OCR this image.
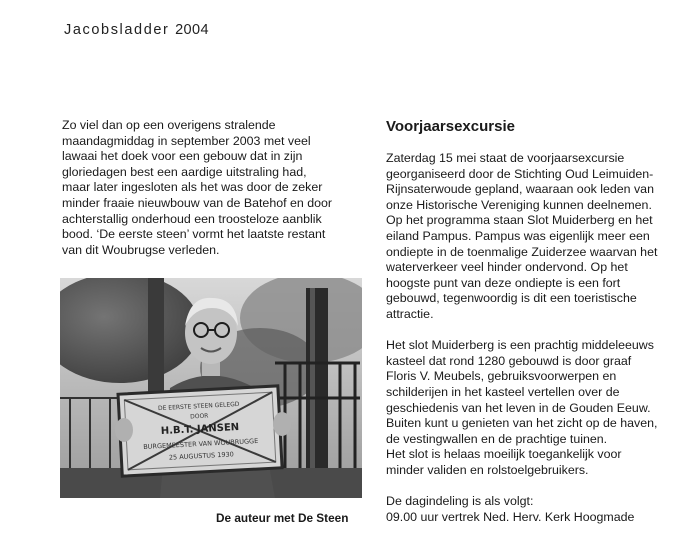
Jacobsladder 2004
Zo viel dan op een overigens stralende
maandagmiddag in september 2003 met veel
lawaai het doek voor een gebouw dat in zijn
gloriedagen best een aardige uitstraling had,
maar later ingesloten als het was door de zeker
minder fraaie nieuwbouw van de Batehof en door
achterstallig onderhoud een troosteloze aanblik
bood. ‘De eerste steen’ vormt het laatste restant
van dit Woubrugse verleden.
DE EERSTE STEEN GELEGD
DOOR
H.B.T. JANSEN
BURGEMEESTER VAN WOUBRUGGE
25 AUGUSTUS 1930
De auteur met De Steen
Voorjaarsexcursie
Zaterdag 15 mei staat de voorjaarsexcursie
georganiseerd door de Stichting Oud Leimuiden-
Rijnsaterwoude gepland, waaraan ook leden van
onze Historische Vereniging kunnen deelnemen.
Op het programma staan Slot Muiderberg en het
eiland Pampus. Pampus was eigenlijk meer een
ondiepte in de toenmalige Zuiderzee waarvan het
waterverkeer veel hinder ondervond. Op het
hoogste punt van deze ondiepte is een fort
gebouwd, tegenwoordig is dit een toeristische
attractie.
Het slot Muiderberg is een prachtig middeleeuws
kasteel dat rond 1280 gebouwd is door graaf
Floris V. Meubels, gebruiksvoorwerpen en
schilderijen in het kasteel vertellen over de
geschiedenis van het leven in de Gouden Eeuw.
Buiten kunt u genieten van het zicht op de haven,
de vestingwallen en de prachtige tuinen.
Het slot is helaas moeilijk toegankelijk voor
minder validen en rolstoelgebruikers.
De dagindeling is als volgt:
09.00 uur vertrek Ned. Herv. Kerk Hoogmade
